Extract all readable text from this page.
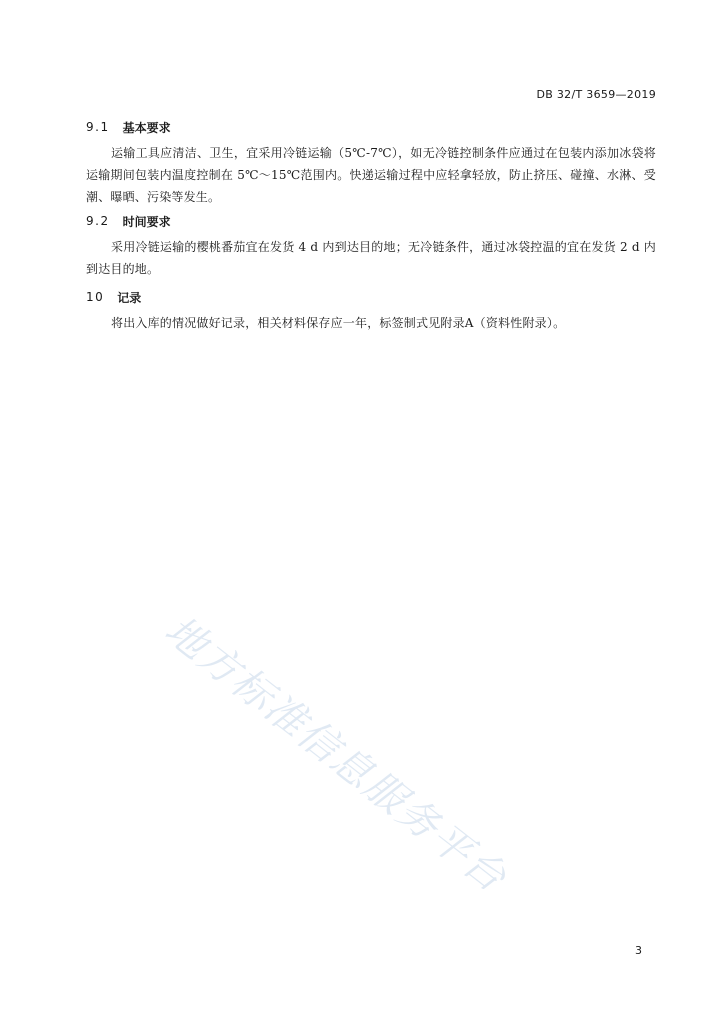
DB 32/T 3659—2019
9.1 基本要求

运输工具应清洁、卫生，宜采用冷链运输（5℃-7℃），如无冷链控制条件应通过在包装内添加冰袋将运输期间包装内温度控制在 5℃～15℃范围内。快递运输过程中应轻拿轻放，防止挤压、碰撞、水淋、受潮、曝晒、污染等发生。

9.2 时间要求

采用冷链运输的樱桃番茄宜在发货 4 d 内到达目的地；无冷链条件，通过冰袋控温的宜在发货 2 d 内到达目的地。

10 记录

将出入库的情况做好记录，相关材料保存应一年，标签制式见附录A（资料性附录）。

地方标准信息服务平台
3
